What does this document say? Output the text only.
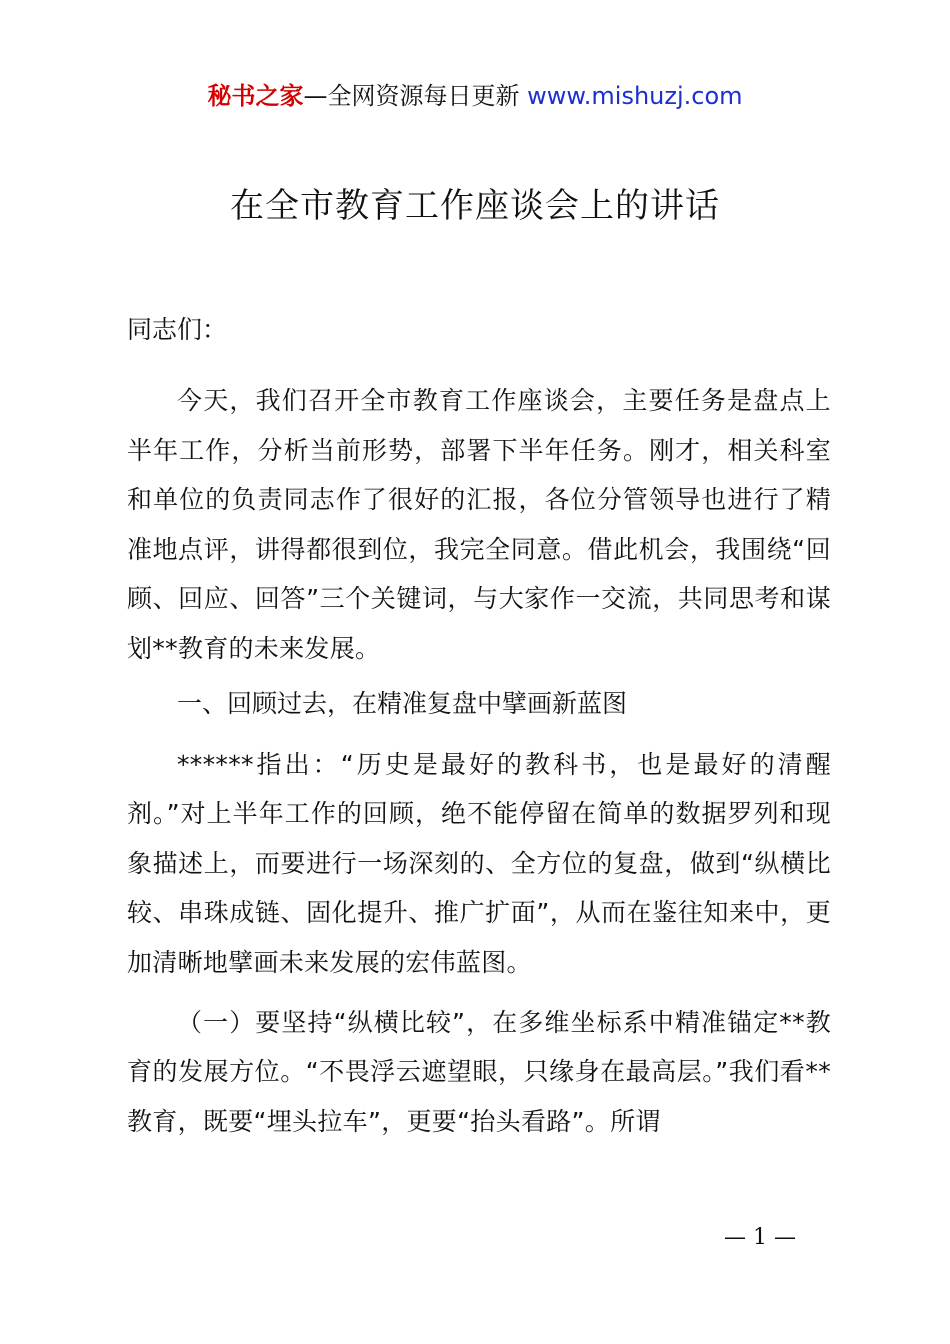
秘书之家—全网资源每日更新 www.mishuzj.com
在全市教育工作座谈会上的讲话
同志们：

今天，我们召开全市教育工作座谈会，主要任务是盘点上半年工作，分析当前形势，部署下半年任务。刚才，相关科室和单位的负责同志作了很好的汇报，各位分管领导也进行了精准地点评，讲得都很到位，我完全同意。借此机会，我围绕“回顾、回应、回答”三个关键词，与大家作一交流，共同思考和谋划**教育的未来发展。

一、回顾过去，在精准复盘中擘画新蓝图

******指出：“历史是最好的教科书，也是最好的清醒剂。”对上半年工作的回顾，绝不能停留在简单的数据罗列和现象描述上，而要进行一场深刻的、全方位的复盘，做到“纵横比较、串珠成链、固化提升、推广扩面”，从而在鉴往知来中，更加清晰地擘画未来发展的宏伟蓝图。

（一）要坚持“纵横比较”，在多维坐标系中精准锚定**教育的发展方位。“不畏浮云遮望眼，只缘身在最高层。”我们看**教育，既要“埋头拉车”，更要“抬头看路”。所谓

— 1 —
